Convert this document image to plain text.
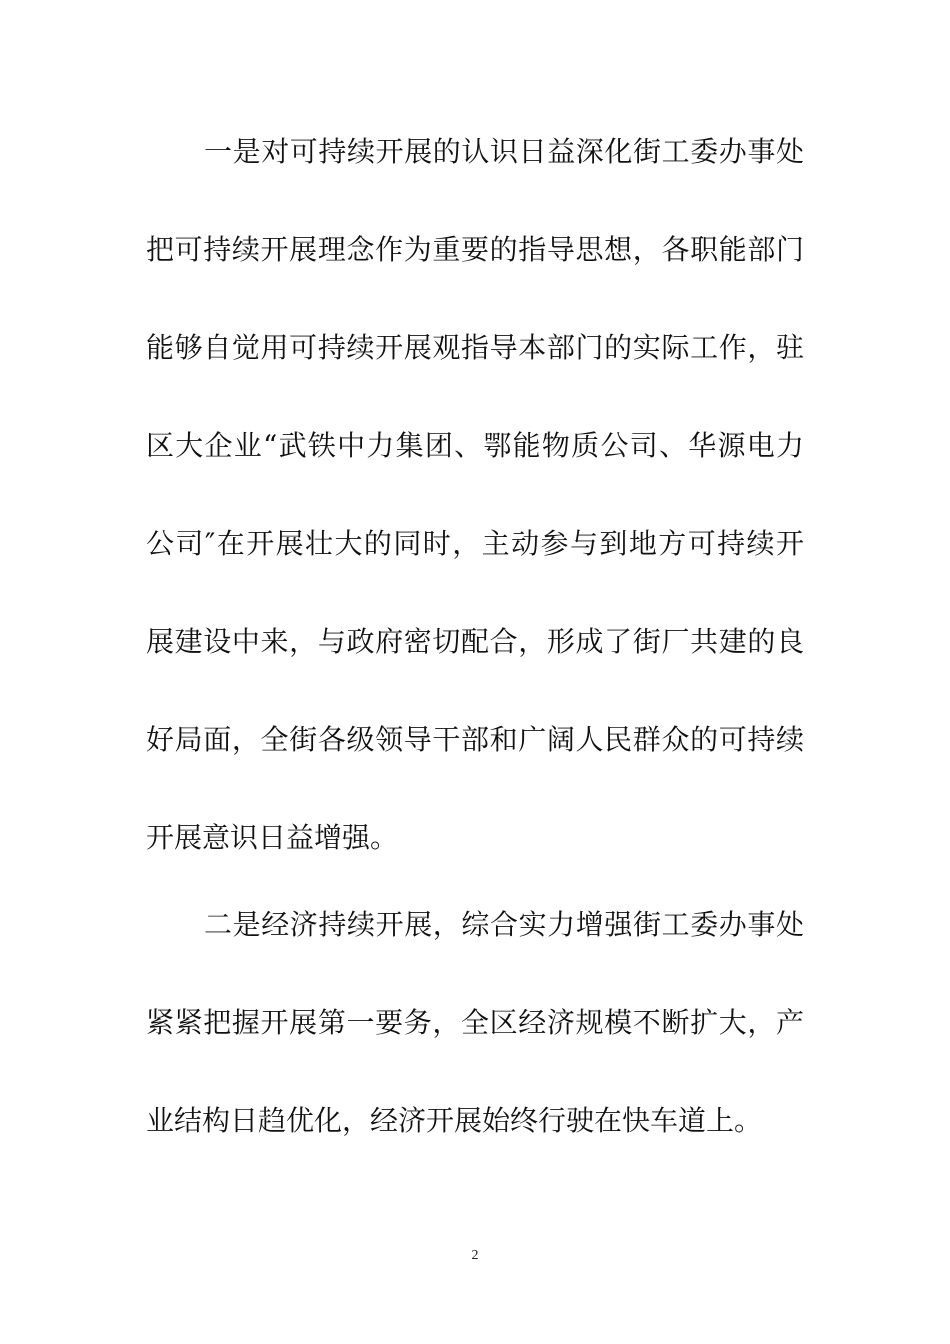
一是对可持续开展的认识日益深化街工委办事处
把可持续开展理念作为重要的指导思想，各职能部门
能够自觉用可持续开展观指导本部门的实际工作，驻
区大企业“武铁中力集团、鄂能物质公司、华源电力
公司″在开展壮大的同时，主动参与到地方可持续开
展建设中来，与政府密切配合，形成了街厂共建的良
好局面，全街各级领导干部和广阔人民群众的可持续
开展意识日益增强。
二是经济持续开展，综合实力增强街工委办事处
紧紧把握开展第一要务，全区经济规模不断扩大，产
业结构日趋优化，经济开展始终行驶在快车道上。
2
